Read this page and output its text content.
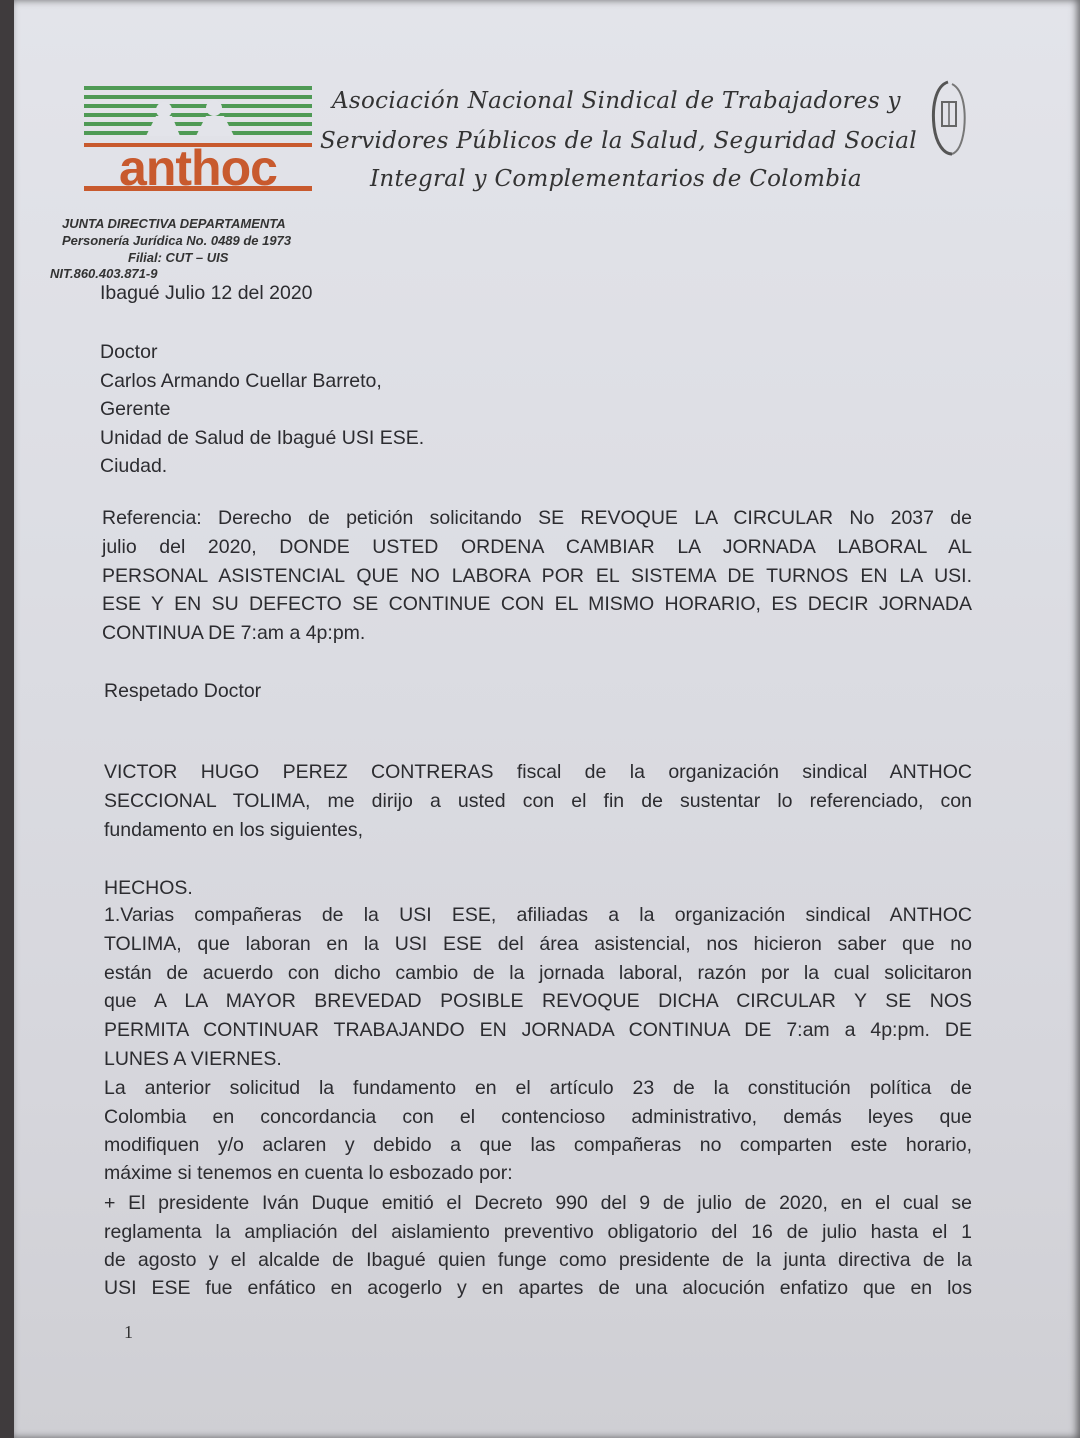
anthoc

Asociación Nacional Sindical de Trabajadores y

Servidores Públicos de la Salud, Seguridad Social

Integral y Complementarios de Colombia

JUNTA DIRECTIVA DEPARTAMENTA

Personería Jurídica No. 0489 de 1973

Filial: CUT – UIS

NIT.860.403.871-9

Ibagué Julio 12 del 2020

Doctor

Carlos Armando Cuellar Barreto,

Gerente

Unidad de Salud de Ibagué USI ESE.

Ciudad.

Referencia: Derecho de petición solicitando SE REVOQUE LA CIRCULAR No 2037 de

julio del 2020, DONDE USTED ORDENA CAMBIAR LA JORNADA LABORAL AL

PERSONAL ASISTENCIAL QUE NO LABORA POR EL SISTEMA DE TURNOS EN LA USI.

ESE Y EN SU DEFECTO SE CONTINUE CON EL MISMO HORARIO, ES DECIR JORNADA

CONTINUA DE 7:am a 4p:pm.

Respetado Doctor

VICTOR HUGO PEREZ CONTRERAS fiscal de la organización sindical ANTHOC

SECCIONAL TOLIMA, me dirijo a usted con el fin de sustentar lo referenciado, con

fundamento en los siguientes,

HECHOS.

1.Varias compañeras de la USI ESE, afiliadas a la organización sindical ANTHOC

TOLIMA, que laboran en la USI ESE del área asistencial, nos hicieron saber que no

están de acuerdo con dicho cambio de la jornada laboral, razón por la cual solicitaron

que A LA MAYOR BREVEDAD POSIBLE REVOQUE DICHA CIRCULAR Y SE NOS

PERMITA CONTINUAR TRABAJANDO EN JORNADA CONTINUA DE 7:am a 4p:pm. DE

LUNES A VIERNES.

La anterior solicitud la fundamento en el artículo 23 de la constitución política de

Colombia en concordancia con el contencioso administrativo, demás leyes que

modifiquen y/o aclaren y debido a que las compañeras no comparten este horario,

máxime si tenemos en cuenta lo esbozado por:

+ El presidente Iván Duque emitió el Decreto 990 del 9 de julio de 2020, en el cual se

reglamenta la ampliación del aislamiento preventivo obligatorio del 16 de julio hasta el 1

de agosto y el alcalde de Ibagué quien funge como presidente de la junta directiva de la

USI ESE fue enfático en acogerlo y en apartes de una alocución enfatizo que en los

1
